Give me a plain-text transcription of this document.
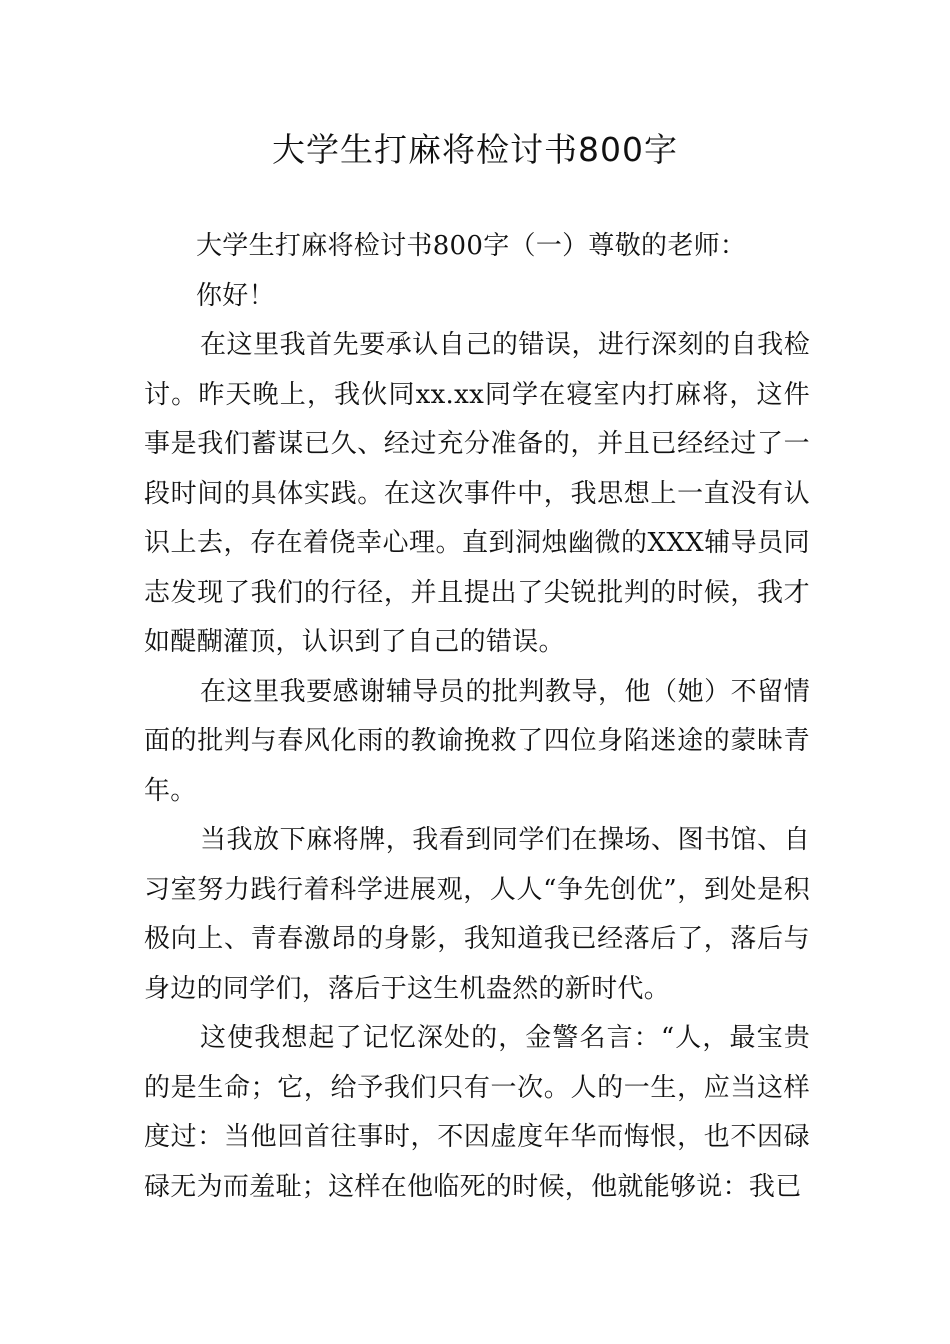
大学生打麻将检讨书800字

大学生打麻将检讨书800字（一）尊敬的老师：

你好！

在这里我首先要承认自己的错误，进行深刻的自我检讨。昨天晚上，我伙同xx.xx同学在寝室内打麻将，这件事是我们蓄谋已久、经过充分准备的，并且已经经过了一段时间的具体实践。在这次事件中，我思想上一直没有认识上去，存在着侥幸心理。直到洞烛幽微的XXX辅导员同志发现了我们的行径，并且提出了尖锐批判的时候，我才如醍醐灌顶，认识到了自己的错误。

在这里我要感谢辅导员的批判教导，他（她）不留情面的批判与春风化雨的教谕挽救了四位身陷迷途的蒙昧青年。

当我放下麻将牌，我看到同学们在操场、图书馆、自习室努力践行着科学进展观，人人“争先创优”，到处是积极向上、青春激昂的身影，我知道我已经落后了，落后与身边的同学们，落后于这生机盎然的新时代。

这使我想起了记忆深处的，金警名言：“人，最宝贵的是生命；它，给予我们只有一次。人的一生，应当这样度过：当他回首往事时，不因虚度年华而悔恨，也不因碌碌无为而羞耻；这样在他临死的时候，他就能够说：我已
